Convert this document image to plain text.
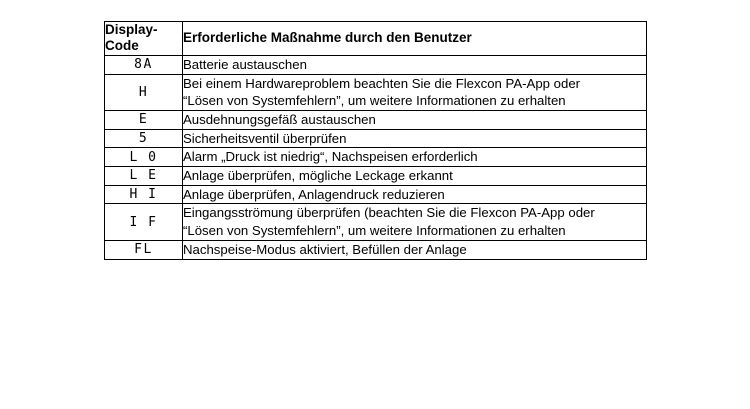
Display-
Code	Erforderliche Maßnahme durch den Benutzer
8A	Batterie austauschen
H	Bei einem Hardwareproblem beachten Sie die Flexcon PA-App oder
“Lösen von Systemfehlern”, um weitere Informationen zu erhalten

E	Ausdehnungsgefäß austauschen
5	Sicherheitsventil überprüfen
L 0	Alarm „Druck ist niedrig“, Nachspeisen erforderlich
L E	Anlage überprüfen, mögliche Leckage erkannt
H I	Anlage überprüfen, Anlagendruck reduzieren
I F	Eingangsströmung überprüfen (beachten Sie die Flexcon PA-App oder
“Lösen von Systemfehlern”, um weitere Informationen zu erhalten

FL	Nachspeise-Modus aktiviert, Befüllen der Anlage
